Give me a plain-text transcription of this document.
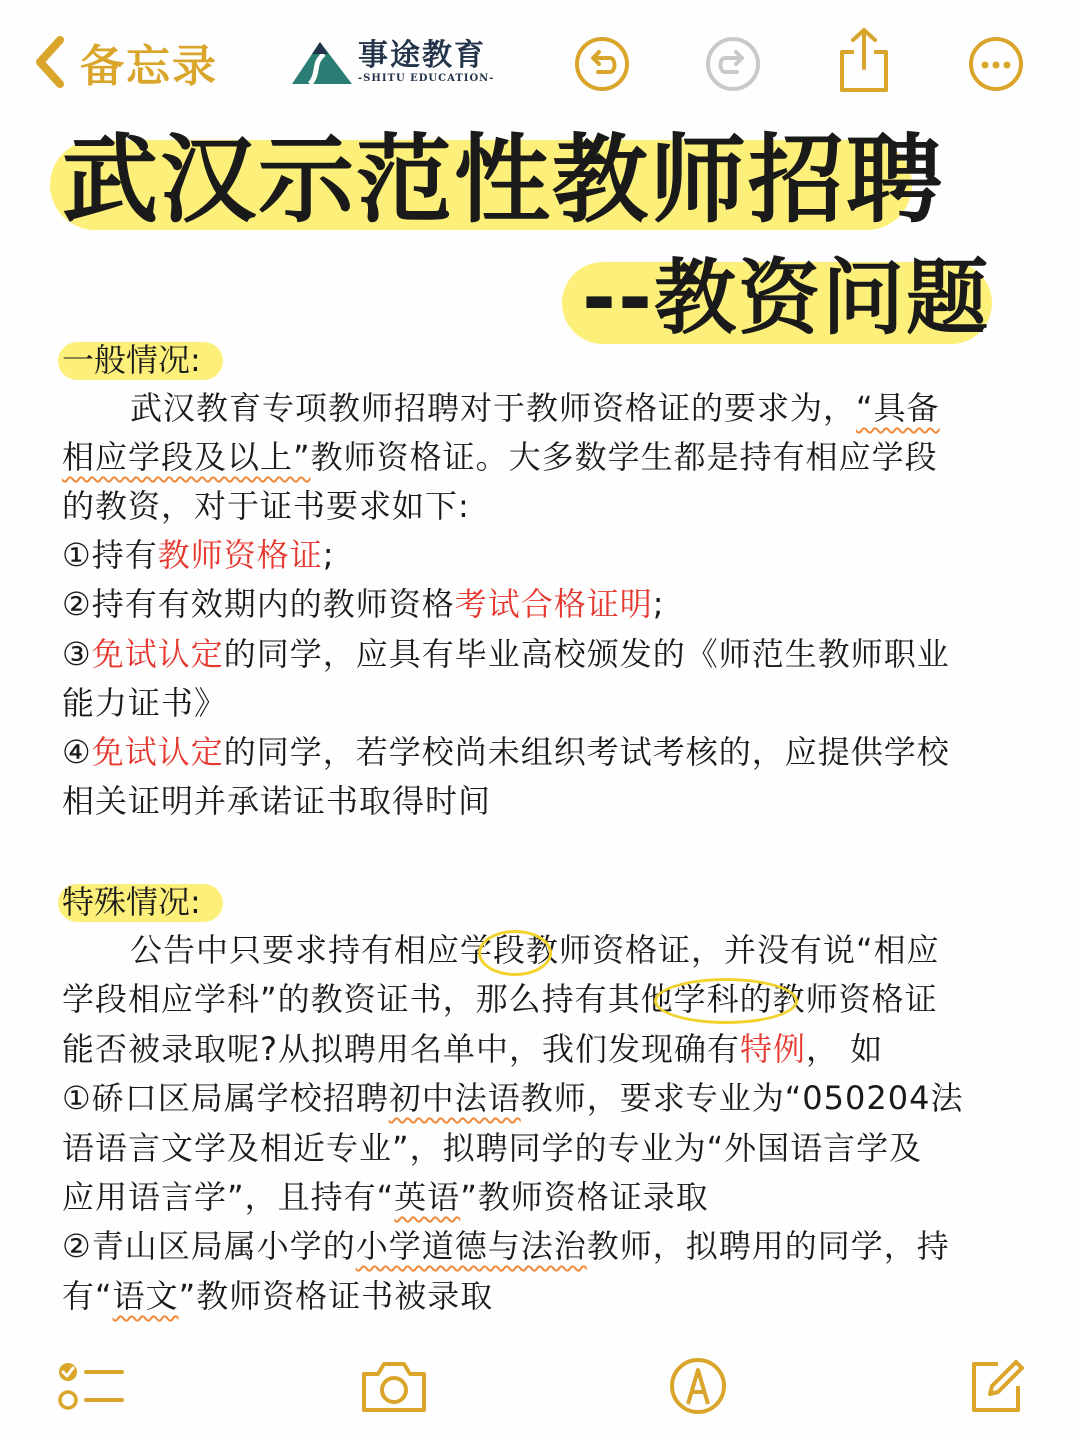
备忘录	事途教育
-SHITU EDUCATION-
武汉示范性教师招聘
--教资问题
一般情况:
武汉教育专项教师招聘对于教师资格证的要求为，“具备
相应学段及以上”教师资格证。大多数学生都是持有相应学段
的教资，对于证书要求如下:
①持有教师资格证;
②持有有效期内的教师资格考试合格证明;
③免试认定的同学，应具有毕业高校颁发的《师范生教师职业
能力证书》
④免试认定的同学，若学校尚未组织考试考核的，应提供学校
相关证明并承诺证书取得时间
特殊情况:
公告中只要求持有相应学段教师资格证，并没有说“相应
学段相应学科”的教资证书，那么持有其他学科的教师资格证
能否被录取呢?从拟聘用名单中，我们发现确有特例， 如
①硚口区局属学校招聘初中法语教师，要求专业为“050204法
语语言文学及相近专业”，拟聘同学的专业为“外国语言学及
应用语言学”，且持有“英语”教师资格证录取
②青山区局属小学的小学道德与法治教师，拟聘用的同学，持
有“语文”教师资格证书被录取
